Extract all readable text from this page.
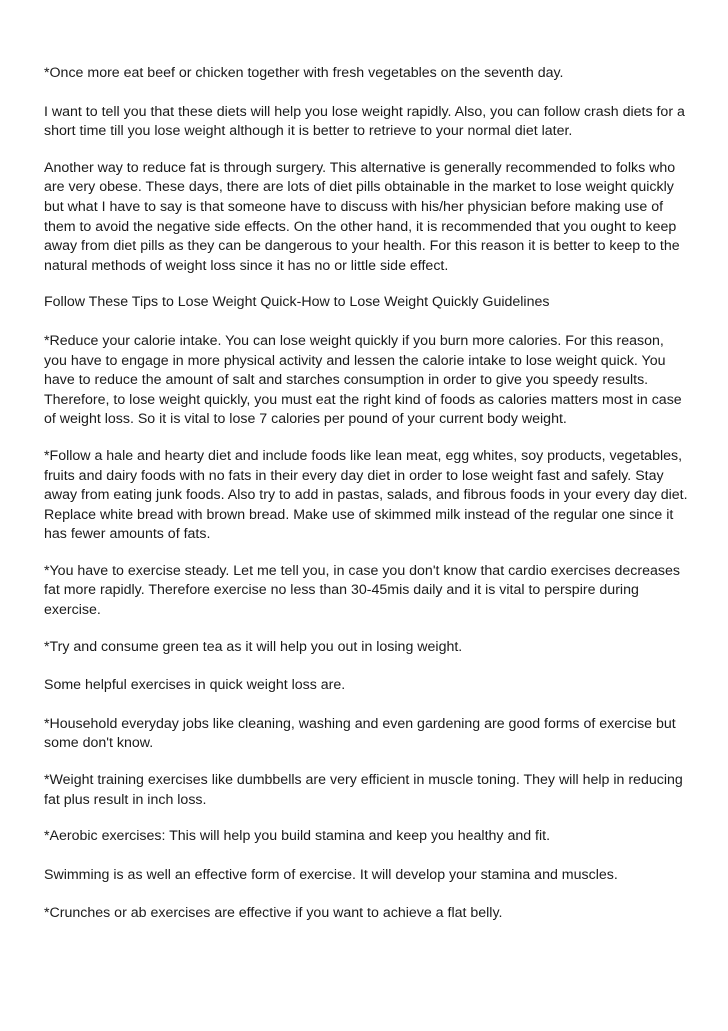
*Once more eat beef or chicken together with fresh vegetables on the seventh day.

I want to tell you that these diets will help you lose weight rapidly. Also, you can follow crash diets for a short time till you lose weight although it is better to retrieve to your normal diet later.

Another way to reduce fat is through surgery. This alternative is generally recommended to folks who are very obese. These days, there are lots of diet pills obtainable in the market to lose weight quickly but what I have to say is that someone have to discuss with his/her physician before making use of them to avoid the negative side effects. On the other hand, it is recommended that you ought to keep away from diet pills as they can be dangerous to your health. For this reason it is better to keep to the natural methods of weight loss since it has no or little side effect.

Follow These Tips to Lose Weight Quick-How to Lose Weight Quickly Guidelines

*Reduce your calorie intake. You can lose weight quickly if you burn more calories. For this reason, you have to engage in more physical activity and lessen the calorie intake to lose weight quick. You have to reduce the amount of salt and starches consumption in order to give you speedy results. Therefore, to lose weight quickly, you must eat the right kind of foods as calories matters most in case of weight loss. So it is vital to lose 7 calories per pound of your current body weight.

*Follow a hale and hearty diet and include foods like lean meat, egg whites, soy products, vegetables, fruits and dairy foods with no fats in their every day diet in order to lose weight fast and safely. Stay away from eating junk foods. Also try to add in pastas, salads, and fibrous foods in your every day diet. Replace white bread with brown bread. Make use of skimmed milk instead of the regular one since it has fewer amounts of fats.

*You have to exercise steady. Let me tell you, in case you don't know that cardio exercises decreases fat more rapidly. Therefore exercise no less than 30-45mis daily and it is vital to perspire during exercise.

*Try and consume green tea as it will help you out in losing weight.

Some helpful exercises in quick weight loss are.

*Household everyday jobs like cleaning, washing and even gardening are good forms of exercise but some don't know.

*Weight training exercises like dumbbells are very efficient in muscle toning. They will help in reducing fat plus result in inch loss.

*Aerobic exercises: This will help you build stamina and keep you healthy and fit.

Swimming is as well an effective form of exercise. It will develop your stamina and muscles.

*Crunches or ab exercises are effective if you want to achieve a flat belly.
